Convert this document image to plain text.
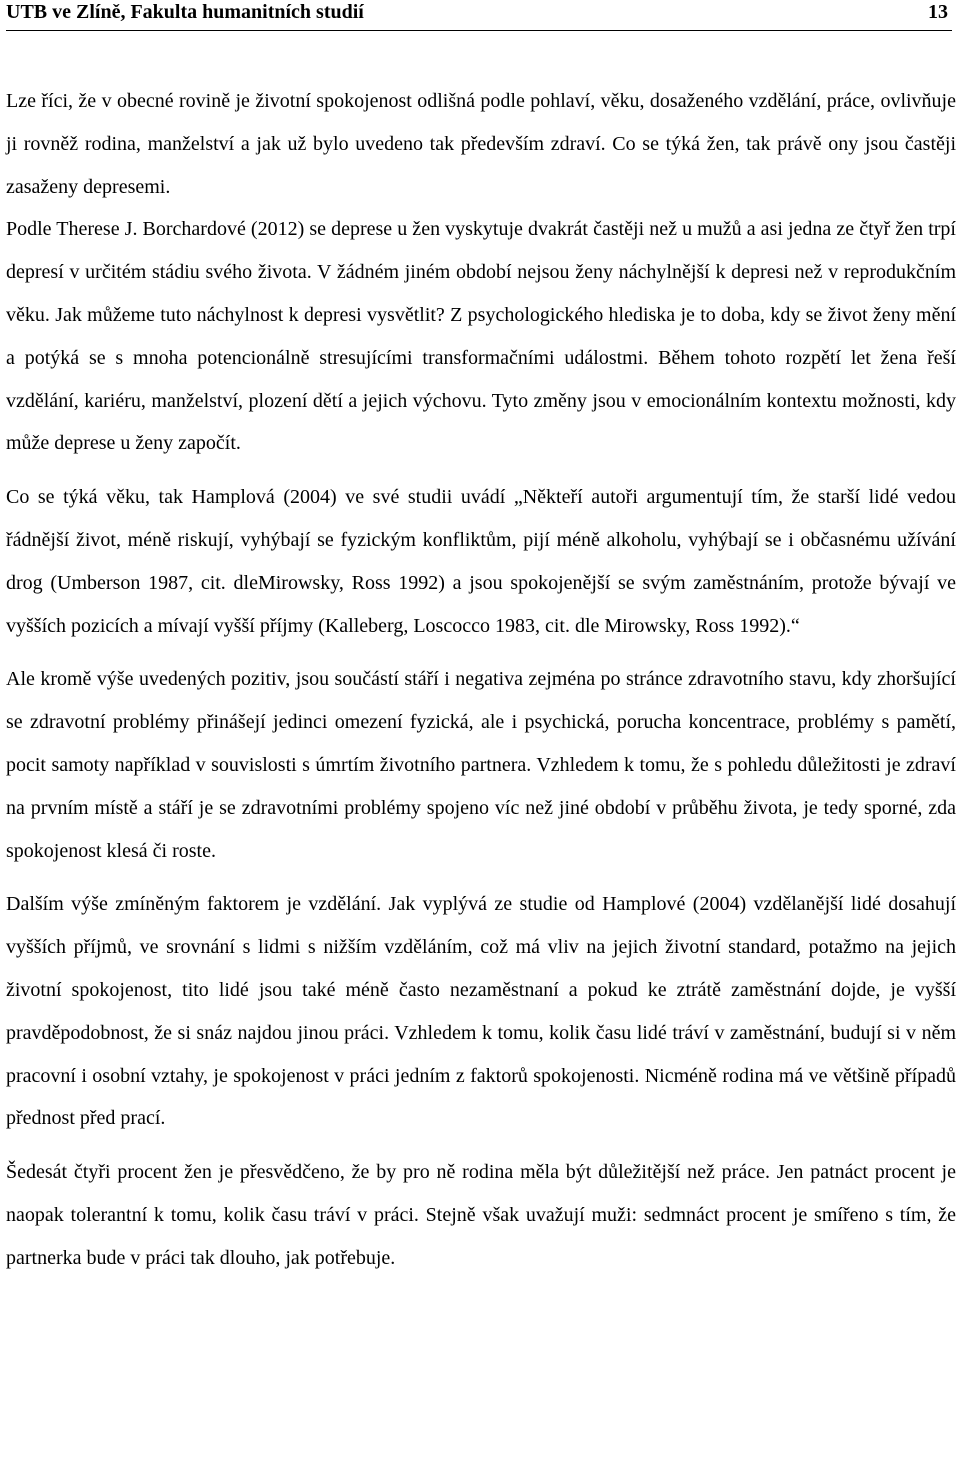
UTB ve Zlíně, Fakulta humanitních studií	13

Lze říci, že v obecné rovině je životní spokojenost odlišná podle pohlaví, věku, dosaženého vzdělání, práce, ovlivňuje ji rovněž rodina, manželství a jak už bylo uvedeno tak především zdraví. Co se týká žen, tak právě ony jsou častěji zasaženy depresemi.

Podle Therese J. Borchardové (2012) se deprese u žen vyskytuje dvakrát častěji než u mužů a asi jedna ze čtyř žen trpí depresí v určitém stádiu svého života. V žádném jiném období nejsou ženy náchylnější k depresi než v reprodukčním věku. Jak můžeme tuto náchylnost k depresi vysvětlit? Z psychologického hlediska je to doba, kdy se život ženy mění a potýká se s mnoha potencionálně stresujícími transformačními událostmi. Během tohoto rozpětí let žena řeší vzdělání, kariéru, manželství, plození dětí a jejich výchovu. Tyto změny jsou v emocionálním kontextu možnosti, kdy může deprese u ženy započít.

Co se týká věku, tak Hamplová (2004) ve své studii uvádí „Někteří autoři argumentují tím, že starší lidé vedou řádnější život, méně riskují, vyhýbají se fyzickým konfliktům, pijí méně alkoholu, vyhýbají se i občasnému užívání drog (Umberson 1987, cit. dleMirowsky, Ross 1992) a jsou spokojenější se svým zaměstnáním, protože bývají ve vyšších pozicích a mívají vyšší příjmy (Kalleberg, Loscocco 1983, cit. dle Mirowsky, Ross 1992).“

Ale kromě výše uvedených pozitiv, jsou součástí stáří i negativa zejména po stránce zdravotního stavu, kdy zhoršující se zdravotní problémy přinášejí jedinci omezení fyzická, ale i psychická, porucha koncentrace, problémy s pamětí, pocit samoty například v souvislosti s úmrtím životního partnera. Vzhledem k tomu, že s pohledu důležitosti je zdraví na prvním místě a stáří je se zdravotními problémy spojeno víc než jiné období v průběhu života, je tedy sporné, zda spokojenost klesá či roste.

Dalším výše zmíněným faktorem je vzdělání. Jak vyplývá ze studie od Hamplové (2004) vzdělanější lidé dosahují vyšších příjmů, ve srovnání s lidmi s nižším vzděláním, což má vliv na jejich životní standard, potažmo na jejich životní spokojenost, tito lidé jsou také méně často nezaměstnaní a pokud ke ztrátě zaměstnání dojde, je vyšší pravděpodobnost, že si snáz najdou jinou práci. Vzhledem k tomu, kolik času lidé tráví v zaměstnání, budují si v něm pracovní i osobní vztahy, je spokojenost v práci jedním z faktorů spokojenosti. Nicméně rodina má ve většině případů přednost před prací.

Šedesát čtyři procent žen je přesvědčeno, že by pro ně rodina měla být důležitější než práce. Jen patnáct procent je naopak tolerantní k tomu, kolik času tráví v práci. Stejně však uvažují muži: sedmnáct procent je smířeno s tím, že partnerka bude v práci tak dlouho, jak potřebuje.
